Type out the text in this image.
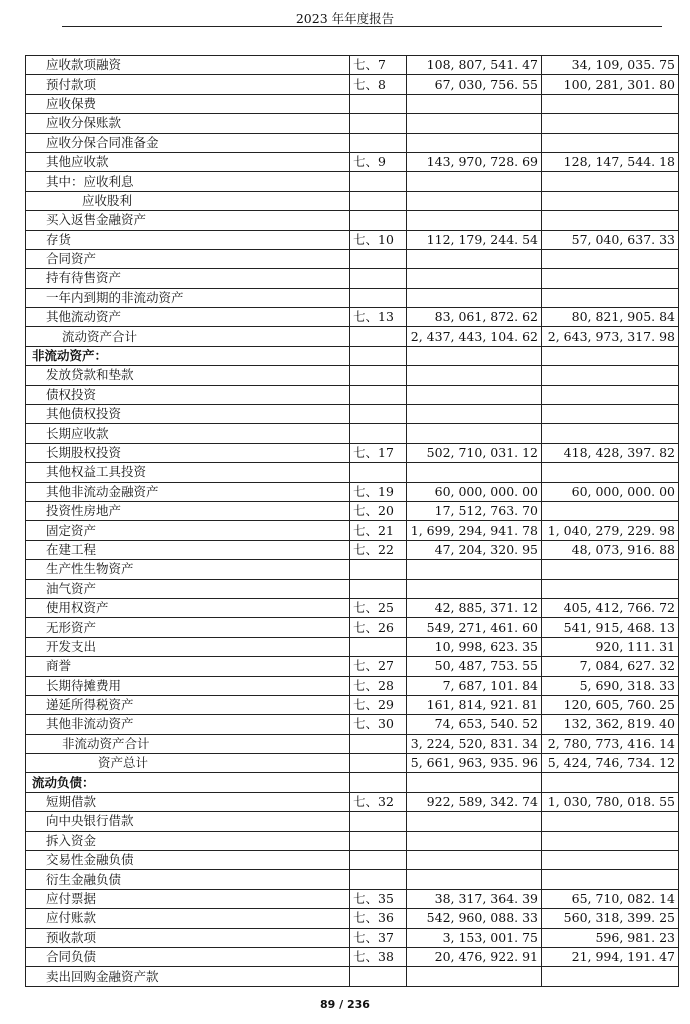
2023 年年度报告
应收款项融资	七、7	108, 807, 541. 47	34, 109, 035. 75
预付款项	七、8	67, 030, 756. 55	100, 281, 301. 80
应收保费			
应收分保账款			
应收分保合同准备金			
其他应收款	七、9	143, 970, 728. 69	128, 147, 544. 18
其中：应收利息			
应收股利			
买入返售金融资产			
存货	七、10	112, 179, 244. 54	57, 040, 637. 33
合同资产			
持有待售资产			
一年内到期的非流动资产			
其他流动资产	七、13	83, 061, 872. 62	80, 821, 905. 84
流动资产合计		2, 437, 443, 104. 62	2, 643, 973, 317. 98
非流动资产：			
发放贷款和垫款			
债权投资			
其他债权投资			
长期应收款			
长期股权投资	七、17	502, 710, 031. 12	418, 428, 397. 82
其他权益工具投资			
其他非流动金融资产	七、19	60, 000, 000. 00	60, 000, 000. 00
投资性房地产	七、20	17, 512, 763. 70	
固定资产	七、21	1, 699, 294, 941. 78	1, 040, 279, 229. 98
在建工程	七、22	47, 204, 320. 95	48, 073, 916. 88
生产性生物资产			
油气资产			
使用权资产	七、25	42, 885, 371. 12	405, 412, 766. 72
无形资产	七、26	549, 271, 461. 60	541, 915, 468. 13
开发支出		10, 998, 623. 35	920, 111. 31
商誉	七、27	50, 487, 753. 55	7, 084, 627. 32
长期待摊费用	七、28	7, 687, 101. 84	5, 690, 318. 33
递延所得税资产	七、29	161, 814, 921. 81	120, 605, 760. 25
其他非流动资产	七、30	74, 653, 540. 52	132, 362, 819. 40
非流动资产合计		3, 224, 520, 831. 34	2, 780, 773, 416. 14
资产总计		5, 661, 963, 935. 96	5, 424, 746, 734. 12
流动负债：			
短期借款	七、32	922, 589, 342. 74	1, 030, 780, 018. 55
向中央银行借款			
拆入资金			
交易性金融负债			
衍生金融负债			
应付票据	七、35	38, 317, 364. 39	65, 710, 082. 14
应付账款	七、36	542, 960, 088. 33	560, 318, 399. 25
预收款项	七、37	3, 153, 001. 75	596, 981. 23
合同负债	七、38	20, 476, 922. 91	21, 994, 191. 47
卖出回购金融资产款			
89 / 236
